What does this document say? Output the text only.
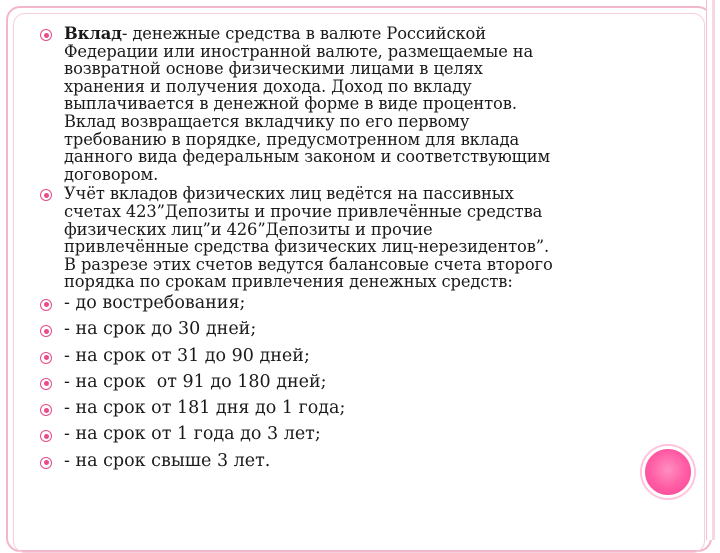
Вклад- денежные средства в валюте Российской
Федерации или иностранной валюте, размещаемые на
возвратной основе физическими лицами в целях
хранения и получения дохода. Доход по вкладу
выплачивается в денежной форме в виде процентов.
Вклад возвращается вкладчику по его первому
требованию в порядке, предусмотренном для вклада
данного вида федеральным законом и соответствующим
договором.
Учёт вкладов физических лиц ведётся на пассивных
счетах 423”Депозиты и прочие привлечённые средства
физических лиц”и 426”Депозиты и прочие
привлечённые средства физических лиц-нерезидентов”.
В разрезе этих счетов ведутся балансовые счета второго
порядка по срокам привлечения денежных средств:
- до востребования;
- на срок до 30 дней;
- на срок от 31 до 90 дней;
- на срок  от 91 до 180 дней;
- на срок от 181 дня до 1 года;
- на срок от 1 года до 3 лет;
- на срок свыше 3 лет.
